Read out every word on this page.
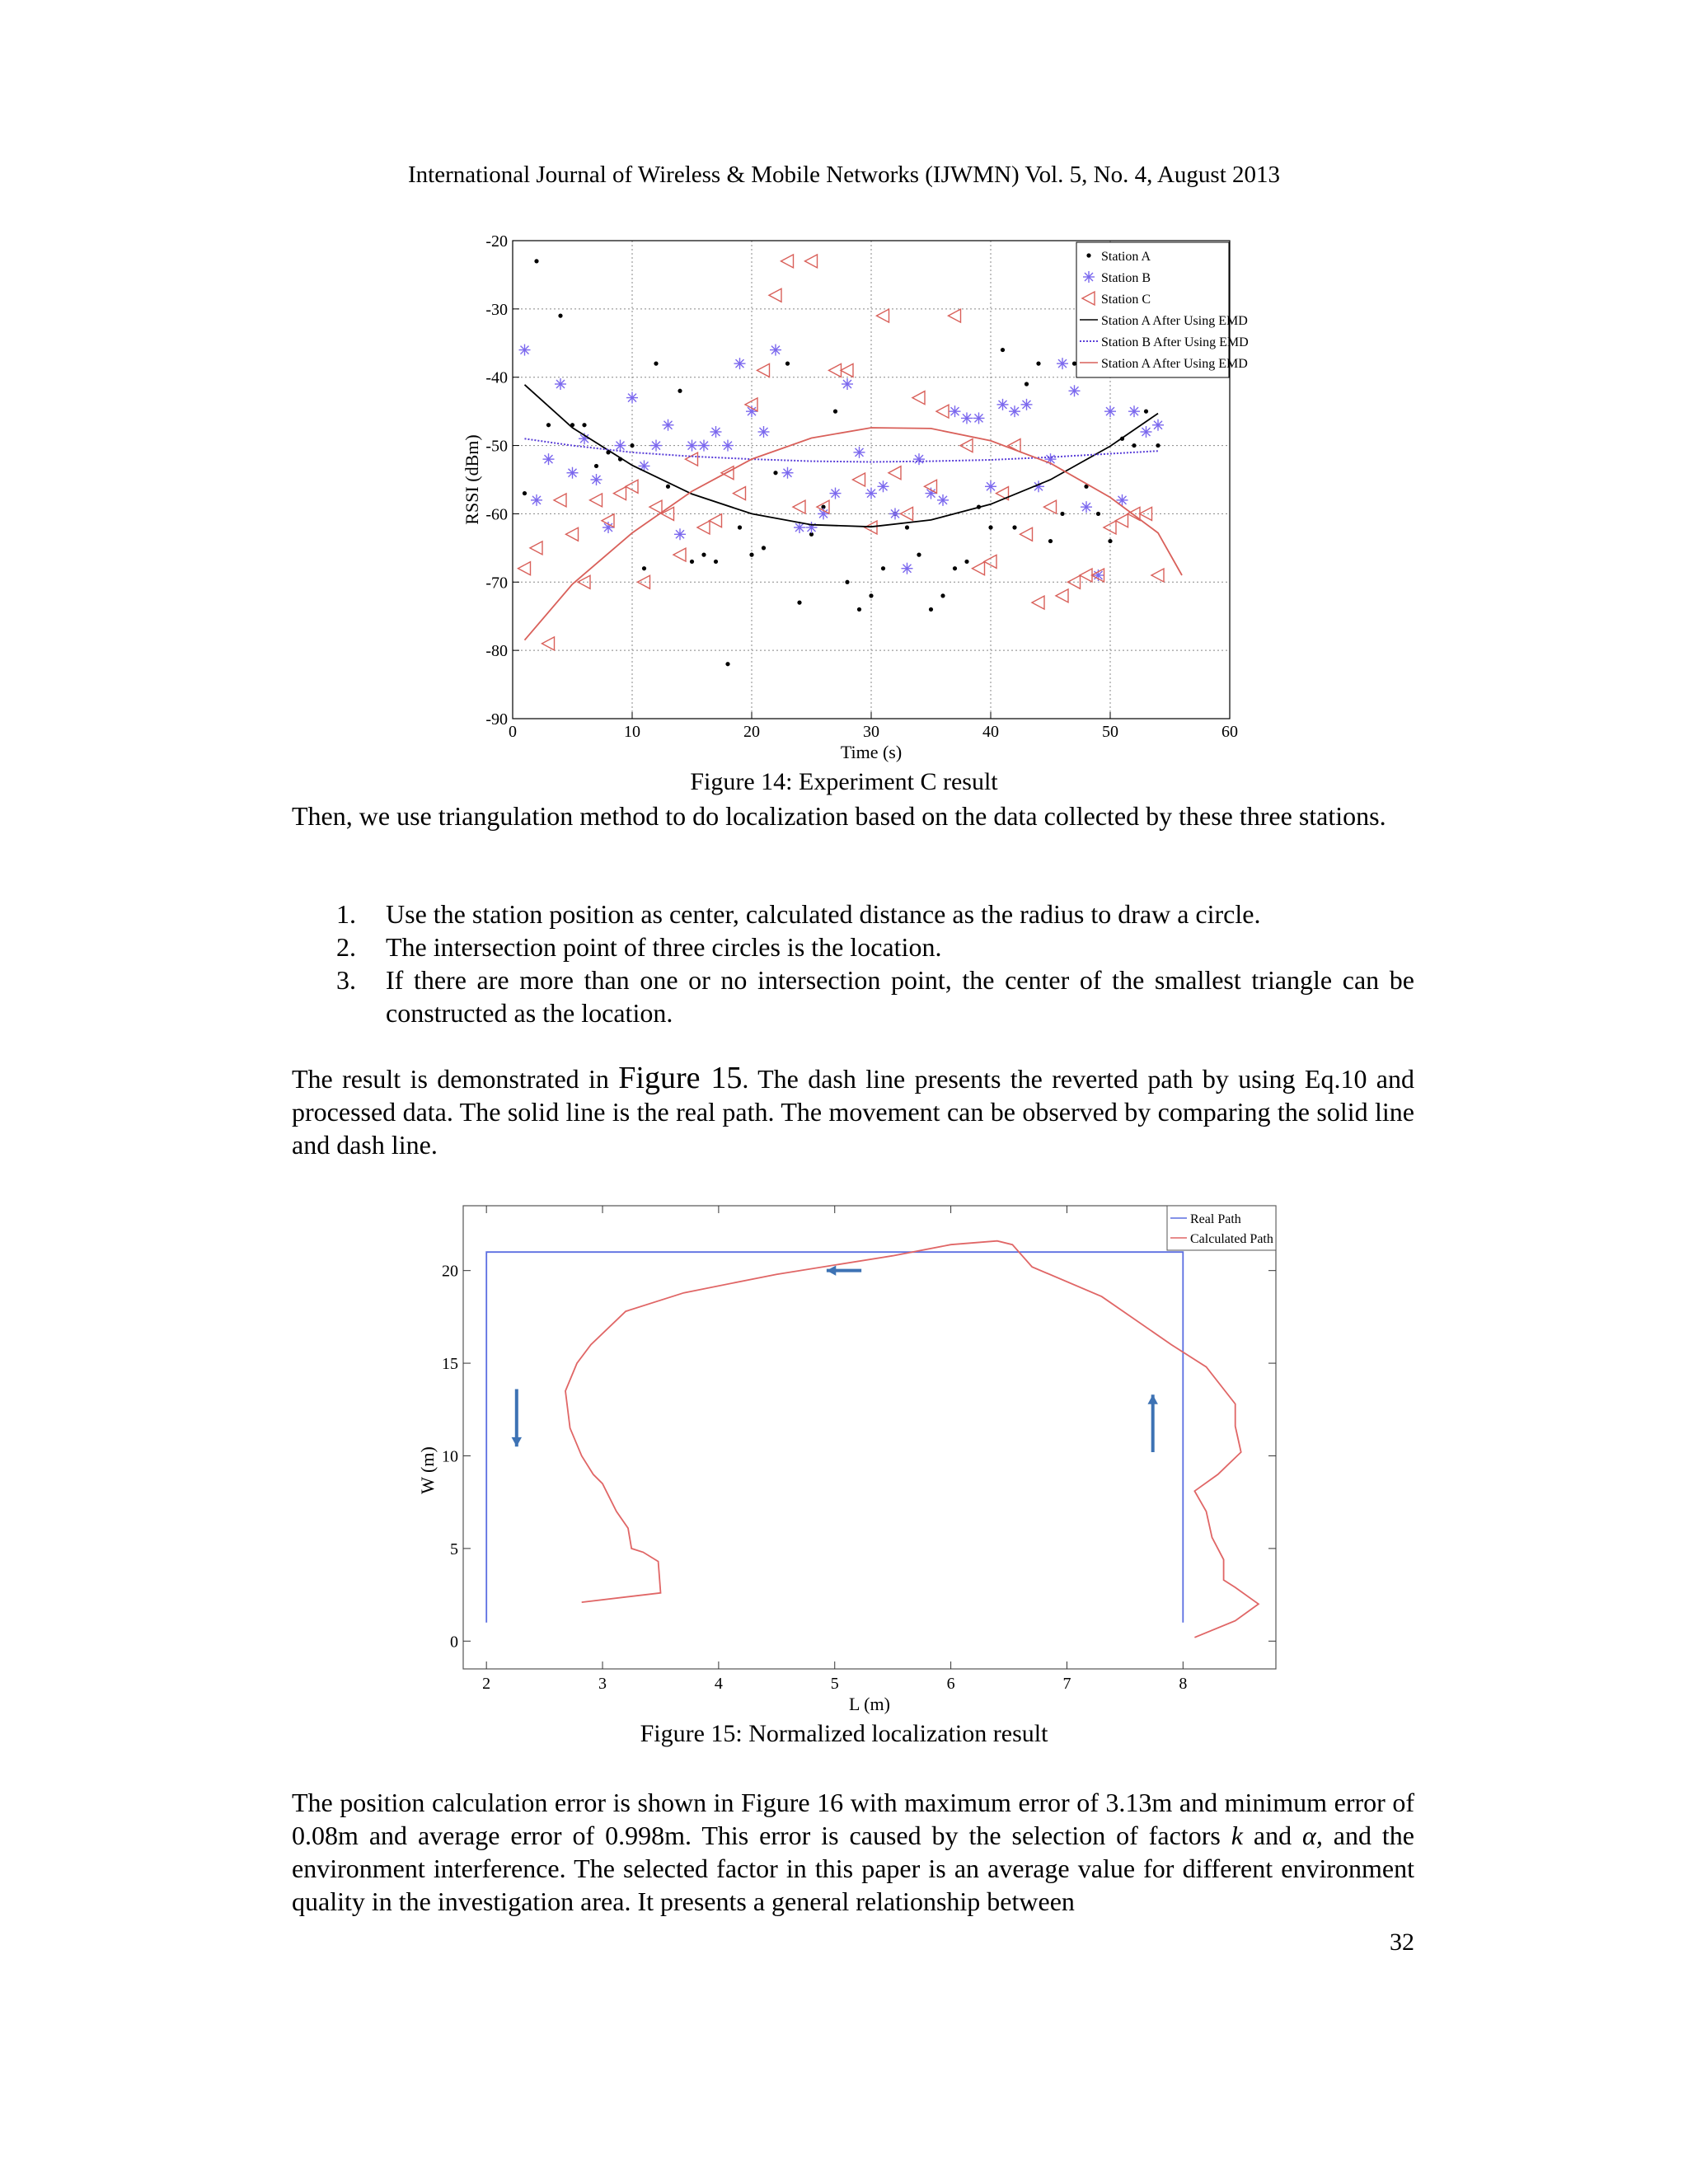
International Journal of Wireless & Mobile Networks (IJWMN) Vol. 5, No. 4, August 2013
0	10	20	30	40	50	60
-20
-30
-40
-50
-60
-70
-80
-90
Time (s)
RSSI (dBm)
Station A
Station B
Station C
Station A After Using EMD
Station B After Using EMD
Station A After Using EMD
Figure 14: Experiment C result
Then, we use triangulation method to do localization based on the data collected by these three stations.
1. Use the station position as center, calculated distance as the radius to draw a circle.
2. The intersection point of three circles is the location.
3. If there are more than one or no intersection point, the center of the smallest triangle can be constructed as the location.
The result is demonstrated in Figure 15. The dash line presents the reverted path by using Eq.10 and processed data. The solid line is the real path. The movement can be observed by comparing the solid line and dash line.
2	3	4	5	6	7	8
0
5
10
15
20
L (m)
W (m)
Real Path
Calculated Path
Figure 15: Normalized localization result
The position calculation error is shown in Figure 16 with maximum error of 3.13m and minimum error of 0.08m and average error of 0.998m. This error is caused by the selection of factors k and α, and the environment interference. The selected factor in this paper is an average value for different environment quality in the investigation area. It presents a general relationship between
32
